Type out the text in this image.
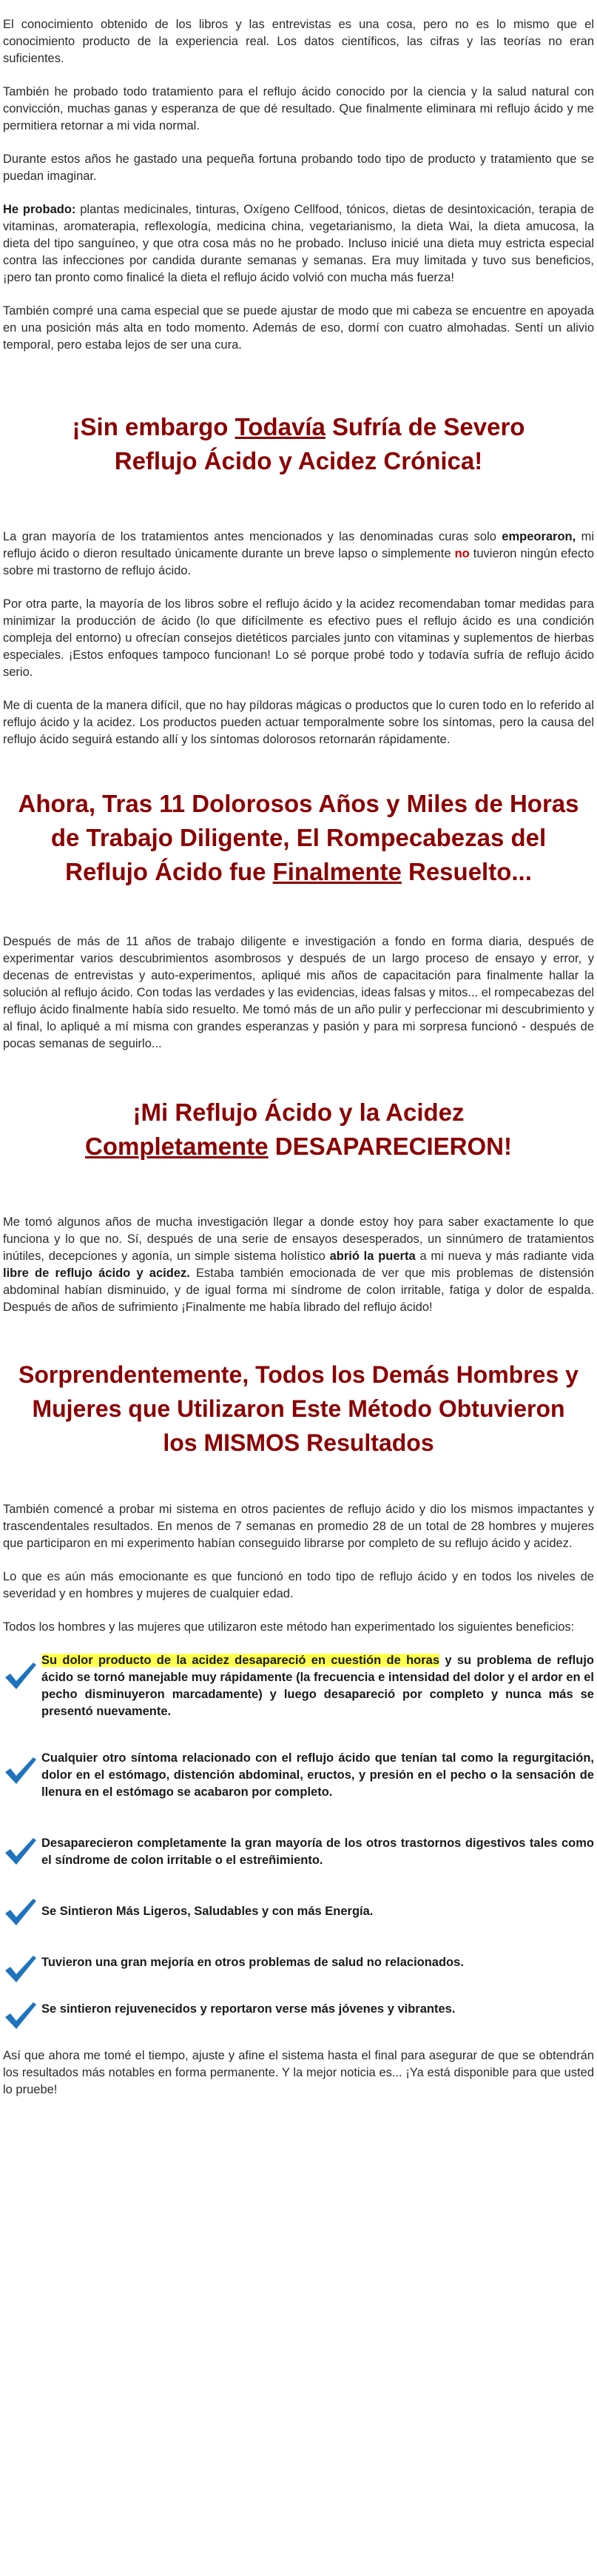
El conocimiento obtenido de los libros y las entrevistas es una cosa, pero no es lo mismo que el conocimiento producto de la experiencia real. Los datos científicos, las cifras y las teorías no eran suficientes.

También he probado todo tratamiento para el reflujo ácido conocido por la ciencia y la salud natural con convicción, muchas ganas y esperanza de que dé resultado. Que finalmente eliminara mi reflujo ácido y me permitiera retornar a mi vida normal.

Durante estos años he gastado una pequeña fortuna probando todo tipo de producto y tratamiento que se puedan imaginar.

He probado: plantas medicinales, tinturas, Oxígeno Cellfood, tónicos, dietas de desintoxicación, terapia de vitaminas, aromaterapia, reflexología, medicina china, vegetarianismo, la dieta Wai, la dieta amucosa, la dieta del tipo sanguíneo, y que otra cosa más no he probado. Incluso inicié una dieta muy estricta especial contra las infecciones por candida durante semanas y semanas. Era muy limitada y tuvo sus beneficios, ¡pero tan pronto como finalicé la dieta el reflujo ácido volvió con mucha más fuerza!

También compré una cama especial que se puede ajustar de modo que mi cabeza se encuentre en apoyada en una posición más alta en todo momento. Además de eso, dormí con cuatro almohadas. Sentí un alivio temporal, pero estaba lejos de ser una cura.

¡Sin embargo Todavía Sufría de Severo Reflujo Ácido y Acidez Crónica!

La gran mayoría de los tratamientos antes mencionados y las denominadas curas solo empeoraron, mi reflujo ácido o dieron resultado únicamente durante un breve lapso o simplemente no tuvieron ningún efecto sobre mi trastorno de reflujo ácido.

Por otra parte, la mayoría de los libros sobre el reflujo ácido y la acidez recomendaban tomar medidas para minimizar la producción de ácido (lo que difícilmente es efectivo pues el reflujo ácido es una condición compleja del entorno) u ofrecían consejos dietéticos parciales junto con vitaminas y suplementos de hierbas especiales. ¡Estos enfoques tampoco funcionan! Lo sé porque probé todo y todavía sufría de reflujo ácido serio.

Me di cuenta de la manera difícil, que no hay píldoras mágicas o productos que lo curen todo en lo referido al reflujo ácido y la acidez. Los productos pueden actuar temporalmente sobre los síntomas, pero la causa del reflujo ácido seguirá estando allí y los síntomas dolorosos retornarán rápidamente.

Ahora, Tras 11 Dolorosos Años y Miles de Horas de Trabajo Diligente, El Rompecabezas del Reflujo Ácido fue Finalmente Resuelto...

Después de más de 11 años de trabajo diligente e investigación a fondo en forma diaria, después de experimentar varios descubrimientos asombrosos y después de un largo proceso de ensayo y error, y decenas de entrevistas y auto-experimentos, apliqué mis años de capacitación para finalmente hallar la solución al reflujo ácido. Con todas las verdades y las evidencias, ideas falsas y mitos... el rompecabezas del reflujo ácido finalmente había sido resuelto. Me tomó más de un año pulir y perfeccionar mi descubrimiento y al final, lo apliqué a mí misma con grandes esperanzas y pasión y para mi sorpresa funcionó - después de pocas semanas de seguirlo...

¡Mi Reflujo Ácido y la Acidez Completamente DESAPARECIERON!

Me tomó algunos años de mucha investigación llegar a donde estoy hoy para saber exactamente lo que funciona y lo que no. Sí, después de una serie de ensayos desesperados, un sinnúmero de tratamientos inútiles, decepciones y agonía, un simple sistema holístico abrió la puerta a mi nueva y más radiante vida libre de reflujo ácido y acidez. Estaba también emocionada de ver que mis problemas de distensión abdominal habían disminuido, y de igual forma mi síndrome de colon irritable, fatiga y dolor de espalda. Después de años de sufrimiento ¡Finalmente me había librado del reflujo ácido!

Sorprendentemente, Todos los Demás Hombres y Mujeres que Utilizaron Este Método Obtuvieron los MISMOS Resultados

También comencé a probar mi sistema en otros pacientes de reflujo ácido y dio los mismos impactantes y trascendentales resultados. En menos de 7 semanas en promedio 28 de un total de 28 hombres y mujeres que participaron en mi experimento habían conseguido librarse por completo de su reflujo ácido y acidez.

Lo que es aún más emocionante es que funcionó en todo tipo de reflujo ácido y en todos los niveles de severidad y en hombres y mujeres de cualquier edad.

Todos los hombres y las mujeres que utilizaron este método han experimentado los siguientes beneficios:

Su dolor producto de la acidez desapareció en cuestión de horas y su problema de reflujo ácido se tornó manejable muy rápidamente (la frecuencia e intensidad del dolor y el ardor en el pecho disminuyeron marcadamente) y luego desapareció por completo y nunca más se presentó nuevamente.
Cualquier otro síntoma relacionado con el reflujo ácido que tenían tal como la regurgitación, dolor en el estómago, distención abdominal, eructos, y presión en el pecho o la sensación de llenura en el estómago se acabaron por completo.
Desaparecieron completamente la gran mayoría de los otros trastornos digestivos tales como el síndrome de colon irritable o el estreñimiento.
Se Sintieron Más Ligeros, Saludables y con más Energía.
Tuvieron una gran mejoría en otros problemas de salud no relacionados.
Se sintieron rejuvenecidos y reportaron verse más jóvenes y vibrantes.

Así que ahora me tomé el tiempo, ajuste y afine el sistema hasta el final para asegurar de que se obtendrán los resultados más notables en forma permanente. Y la mejor noticia es... ¡Ya está disponible para que usted lo pruebe!
